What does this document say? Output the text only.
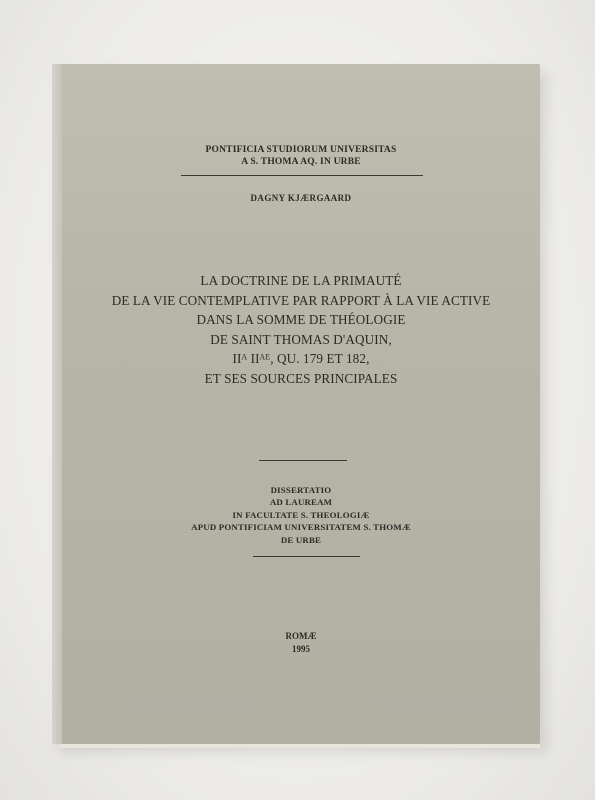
PONTIFICIA STUDIORUM UNIVERSITAS
A S. THOMA AQ. IN URBE
DAGNY KJÆRGAARD
LA DOCTRINE DE LA PRIMAUTÉ
DE LA VIE CONTEMPLATIVE PAR RAPPORT À LA VIE ACTIVE
DANS LA SOMME DE THÉOLOGIE
DE SAINT THOMAS D'AQUIN,
IIᴬ IIᴬᴱ, QU. 179 ET 182,
ET SES SOURCES PRINCIPALES
DISSERTATIO
AD LAUREAM
IN FACULTATE S. THEOLOGIÆ
APUD PONTIFICIAM UNIVERSITATEM S. THOMÆ
DE URBE
ROMÆ
1995
